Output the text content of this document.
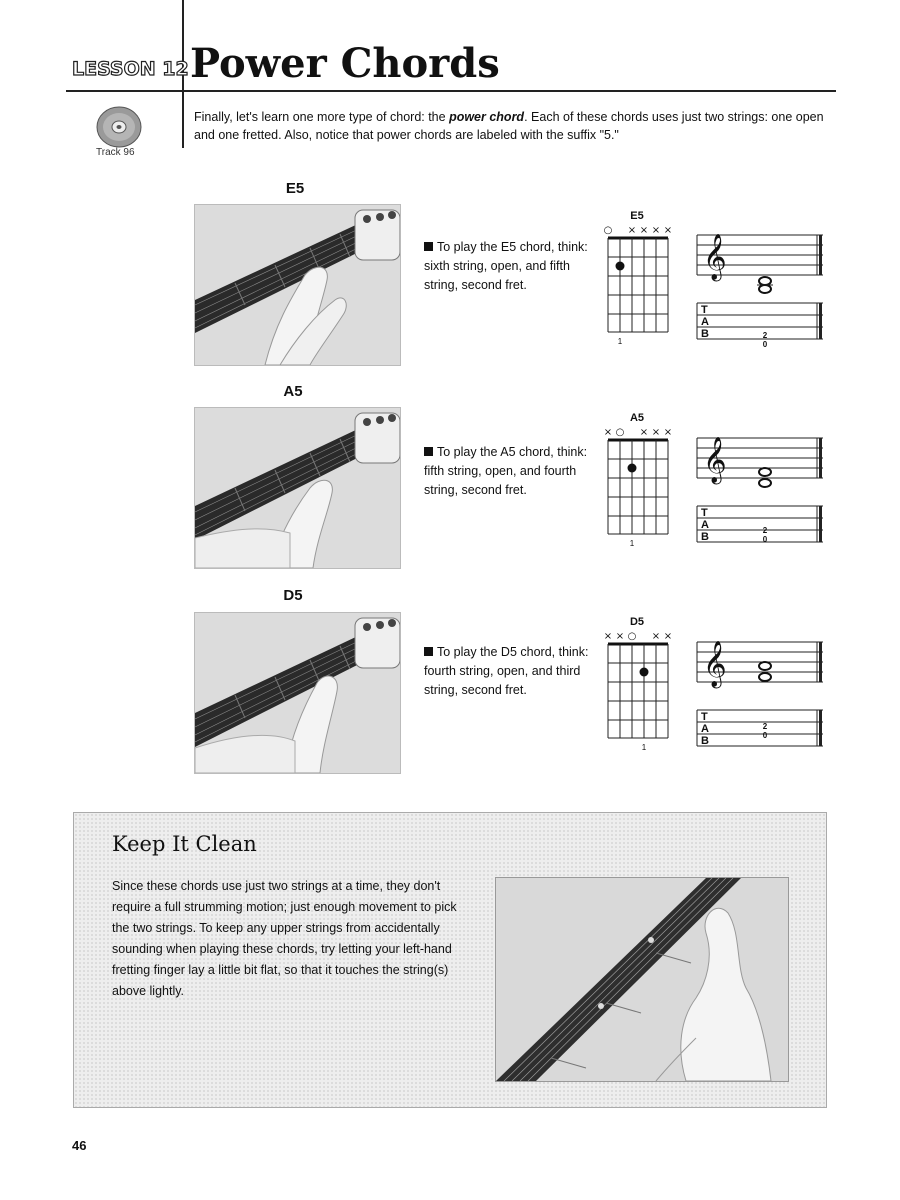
LESSON 12 Power Chords
Track 96

Finally, let's learn one more type of chord: the power chord. Each of these chords uses just two strings: one open and one fretted. Also, notice that power chords are labeled with the suffix "5."

E5
To play the E5 chord, think: sixth string, open, and fifth string, second fret.
E5
○ × × × ×
1
𝄞
T
A
B	2
0
A5
To play the A5 chord, think: fifth string, open, and fourth string, second fret.
A5
× ○ × × ×
1
𝄞
T
A
B
2
0
D5
To play the D5 chord, think: fourth string, open, and third string, second fret.
D5
× × ○ × ×
1
𝄞
T
A
B
2
0
Keep It Clean
Since these chords use just two strings at a time, they don't require a full strumming motion; just enough movement to pick the two strings. To keep any upper strings from accidentally sounding when playing these chords, try letting your left-hand fretting finger lay a little bit flat, so that it touches the string(s) above lightly.
46
